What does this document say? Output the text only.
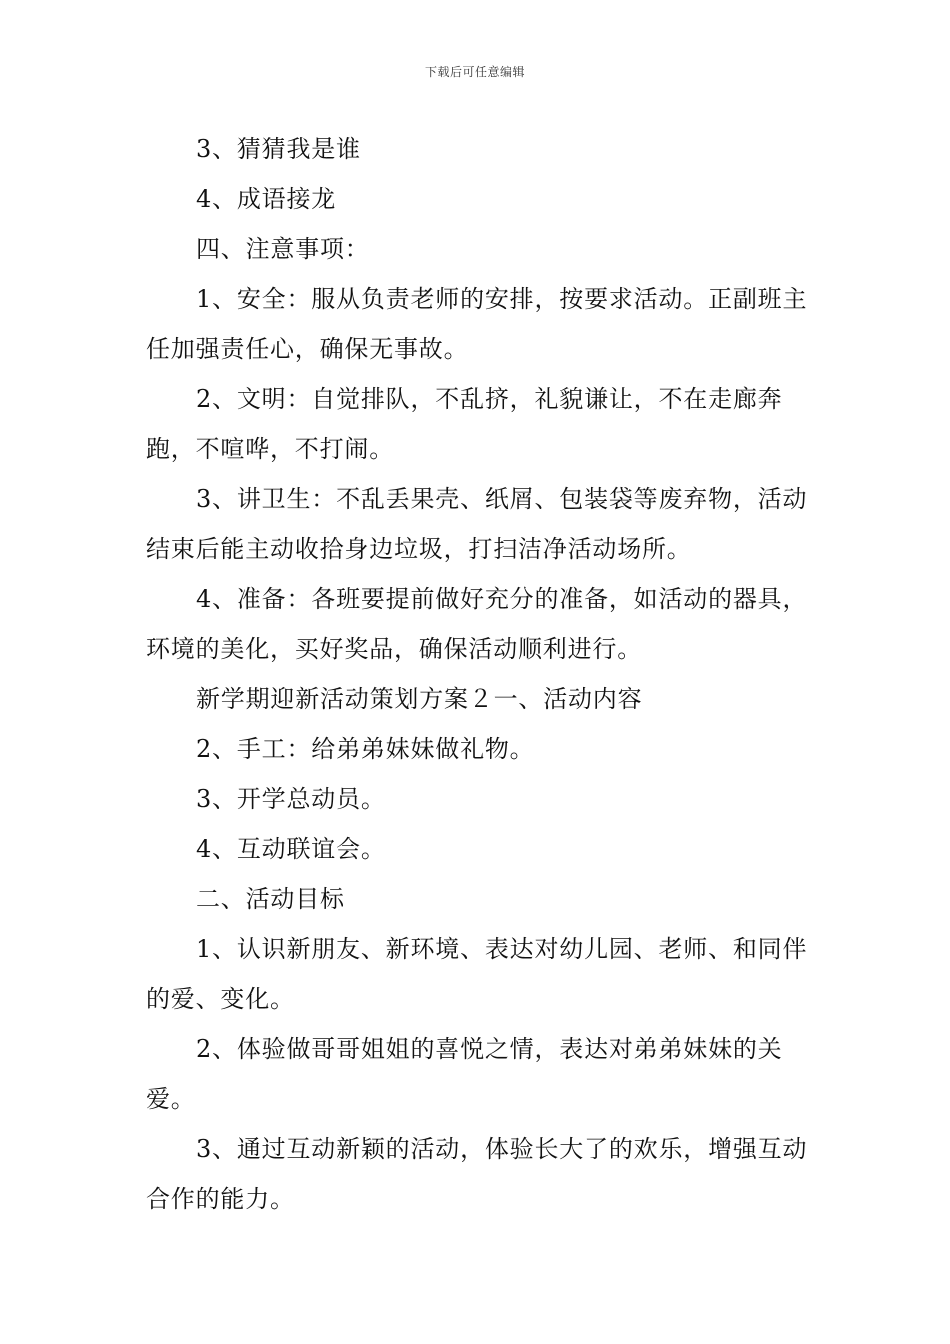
下载后可任意编辑

3、猜猜我是谁

4、成语接龙

四、注意事项：

1、安全：服从负责老师的安排，按要求活动。正副班主任加强责任心，确保无事故。

2、文明：自觉排队，不乱挤，礼貌谦让，不在走廊奔跑，不喧哗，不打闹。

3、讲卫生：不乱丢果壳、纸屑、包装袋等废弃物，活动结束后能主动收拾身边垃圾，打扫洁净活动场所。

4、准备：各班要提前做好充分的准备，如活动的器具，环境的美化，买好奖品，确保活动顺利进行。

新学期迎新活动策划方案２一、活动内容

2、手工：给弟弟妹妹做礼物。

3、开学总动员。

4、互动联谊会。

二、活动目标

1、认识新朋友、新环境、表达对幼儿园、老师、和同伴的爱、变化。

2、体验做哥哥姐姐的喜悦之情，表达对弟弟妹妹的关爱。

3、通过互动新颖的活动，体验长大了的欢乐，增强互动合作的能力。
